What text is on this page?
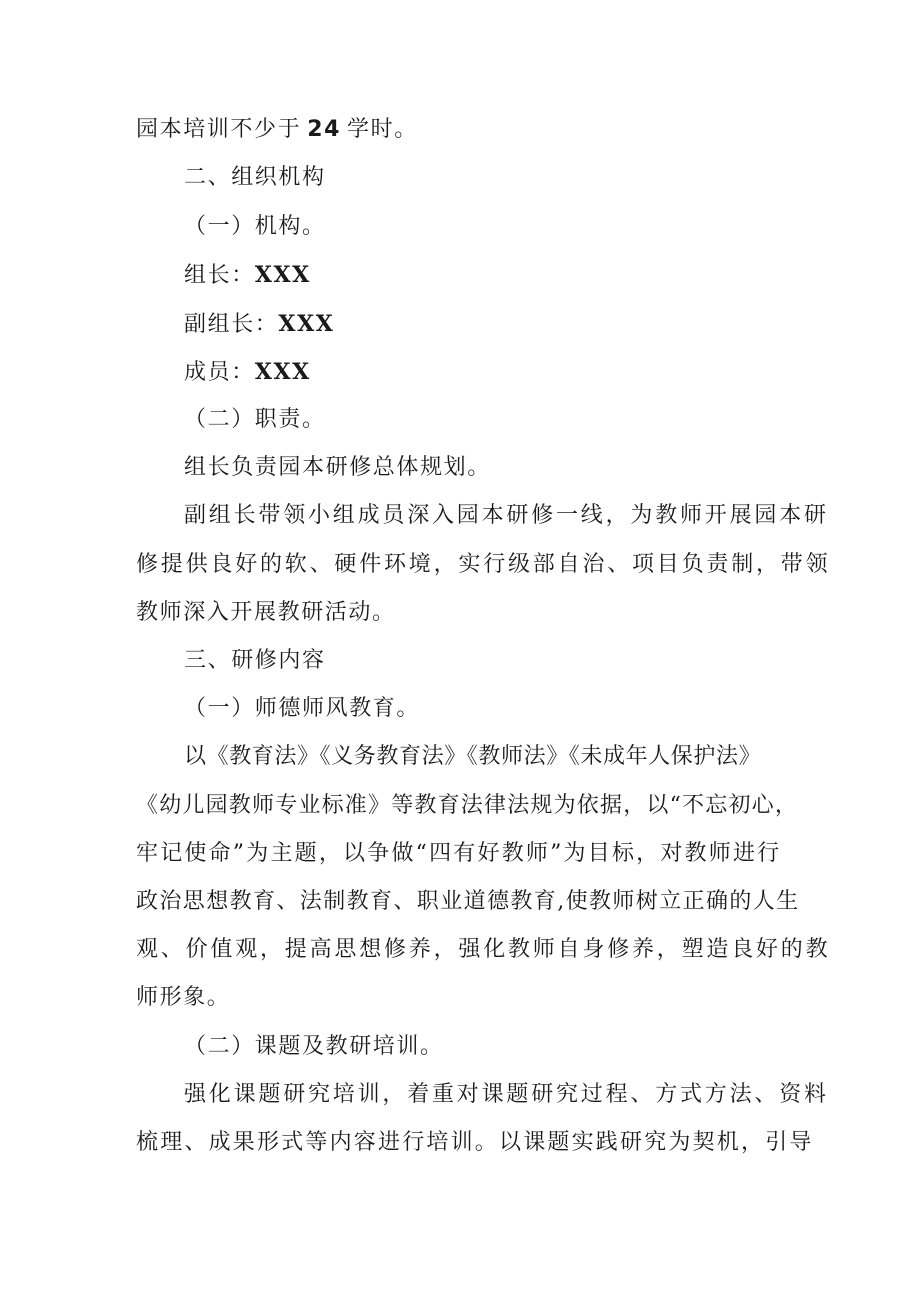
园本培训不少于 24 学时。
二、组织机构
（一）机构。
组长：XXX
副组长：XXX
成员：XXX
（二）职责。
组长负责园本研修总体规划。
副组长带领小组成员深入园本研修一线，为教师开展园本研
修提供良好的软、硬件环境，实行级部自治、项目负责制，带领
教师深入开展教研活动。
三、研修内容
（一）师德师风教育。
以《教育法》《义务教育法》《教师法》《未成年人保护法》
《幼儿园教师专业标准》等教育法律法规为依据，以“不忘初心，
牢记使命”为主题，以争做“四有好教师”为目标，对教师进行
政治思想教育、法制教育、职业道德教育,使教师树立正确的人生
观、价值观，提高思想修养，强化教师自身修养，塑造良好的教
师形象。
（二）课题及教研培训。
强化课题研究培训，着重对课题研究过程、方式方法、资料
梳理、成果形式等内容进行培训。以课题实践研究为契机，引导
